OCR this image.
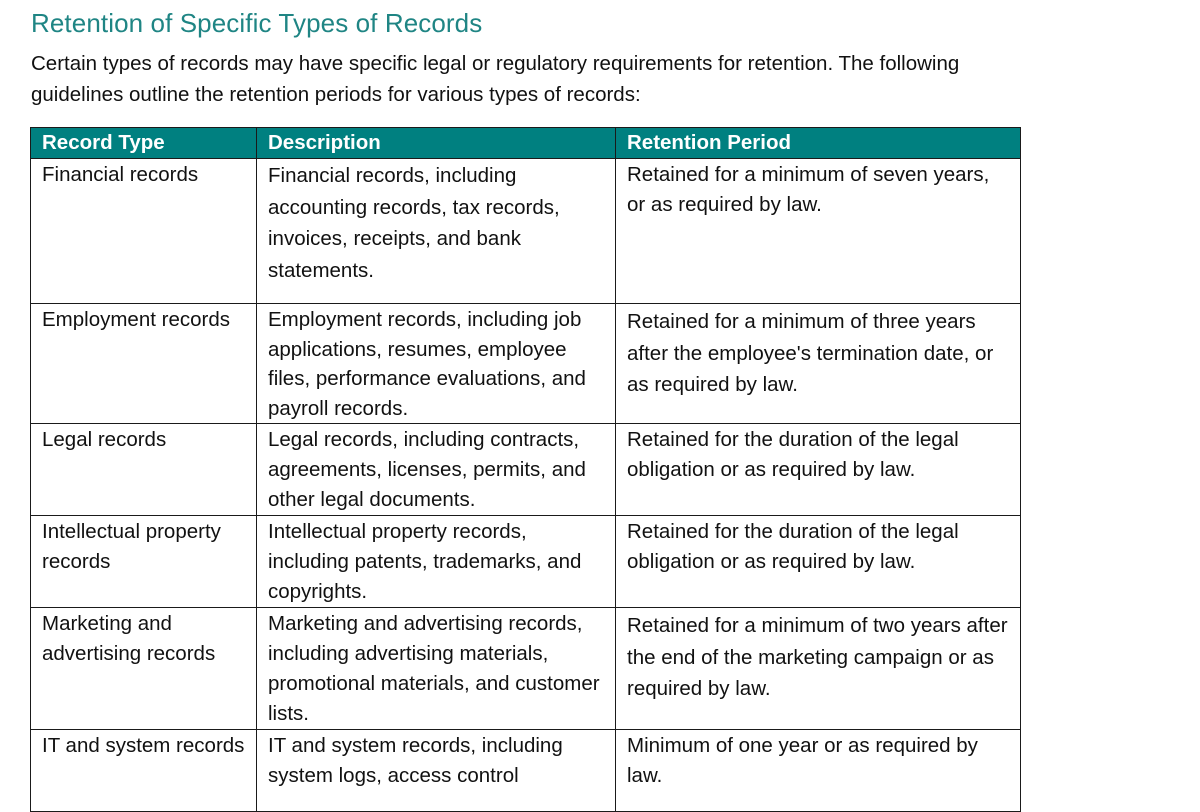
Retention of Specific Types of Records
Certain types of records may have specific legal or regulatory requirements for retention. The following guidelines outline the retention periods for various types of records:
Record Type	Description	Retention Period
Financial records	Financial records, including accounting records, tax records, invoices, receipts, and bank statements.	Retained for a minimum of seven years, or as required by law.
Employment records	Employment records, including job applications, resumes, employee files, performance evaluations, and payroll records.	Retained for a minimum of three years after the employee's termination date, or as required by law.
Legal records	Legal records, including contracts, agreements, licenses, permits, and other legal documents.	Retained for the duration of the legal obligation or as required by law.
Intellectual property records	Intellectual property records, including patents, trademarks, and copyrights.	Retained for the duration of the legal obligation or as required by law.
Marketing and advertising records	Marketing and advertising records, including advertising materials, promotional materials, and customer lists.	Retained for a minimum of two years after the end of the marketing campaign or as required by law.
IT and system records	IT and system records, including system logs, access control	Minimum of one year or as required by law.
